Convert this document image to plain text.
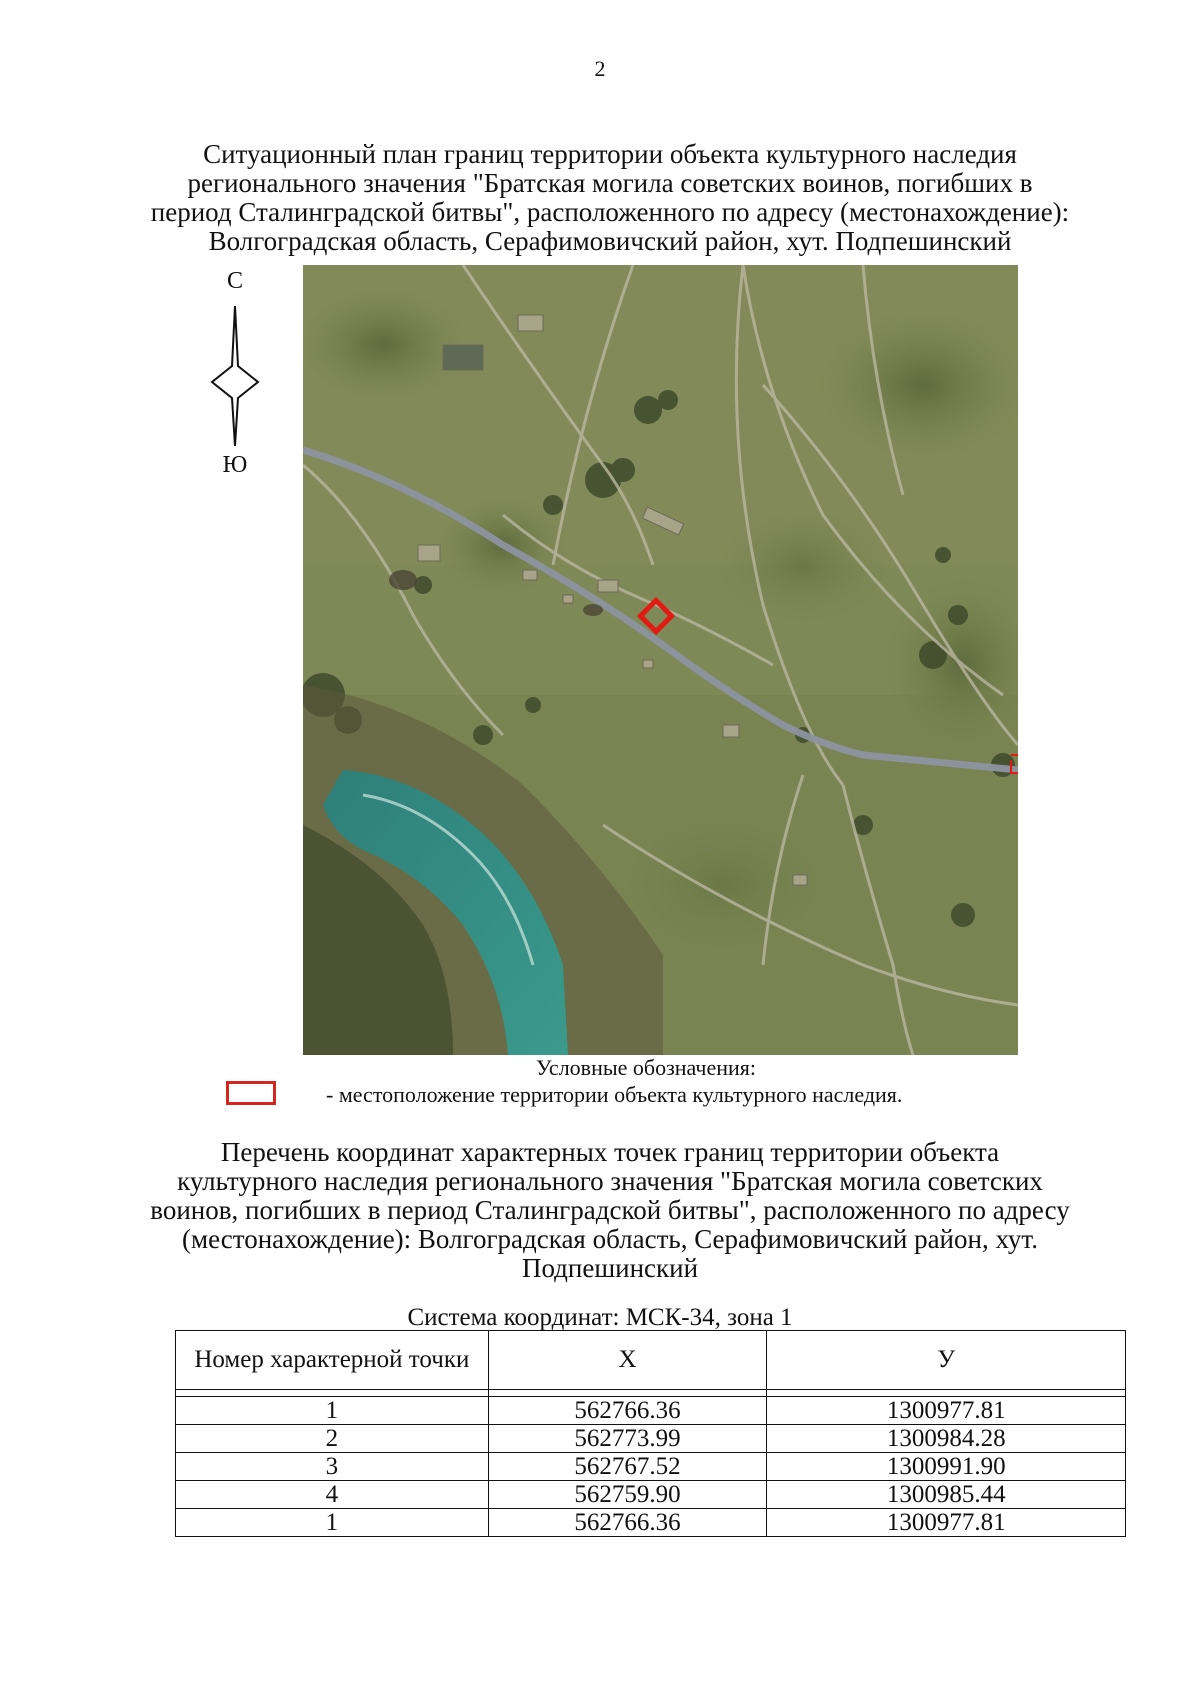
2
Ситуационный план границ территории объекта культурного наследия регионального значения "Братская могила советских воинов, погибших в период Сталинградской битвы", расположенного по адресу (местонахождение): Волгоградская область, Серафимовичский район, хут. Подпешинский
С
Ю
Условные обозначения:
- местоположение территории объекта культурного наследия.
Перечень координат характерных точек границ территории объекта культурного наследия регионального значения "Братская могила советских воинов, погибших в период Сталинградской битвы", расположенного по адресу (местонахождение): Волгоградская область, Серафимовичский район, хут. Подпешинский
Система координат: МСК-34, зона 1
Номер характерной точки	Х	У

1	562766.36	1300977.81
2	562773.99	1300984.28
3	562767.52	1300991.90
4	562759.90	1300985.44
1	562766.36	1300977.81
